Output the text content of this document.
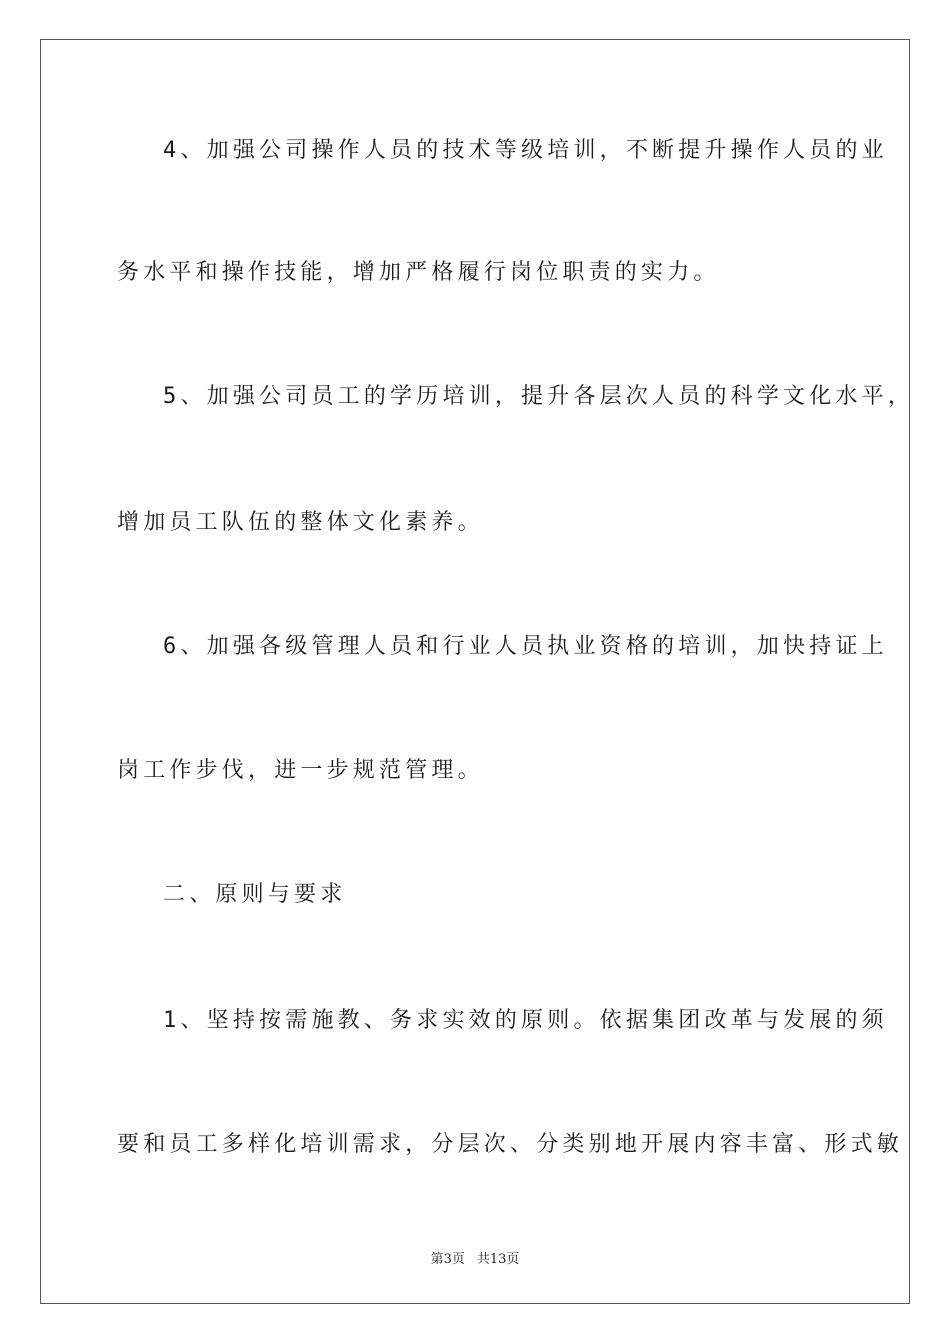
4、加强公司操作人员的技术等级培训，不断提升操作人员的业
务水平和操作技能，增加严格履行岗位职责的实力。
5、加强公司员工的学历培训，提升各层次人员的科学文化水平，
增加员工队伍的整体文化素养。
6、加强各级管理人员和行业人员执业资格的培训，加快持证上
岗工作步伐，进一步规范管理。
二、原则与要求
1、坚持按需施教、务求实效的原则。依据集团改革与发展的须
要和员工多样化培训需求，分层次、分类别地开展内容丰富、形式敏
第3页 共13页
